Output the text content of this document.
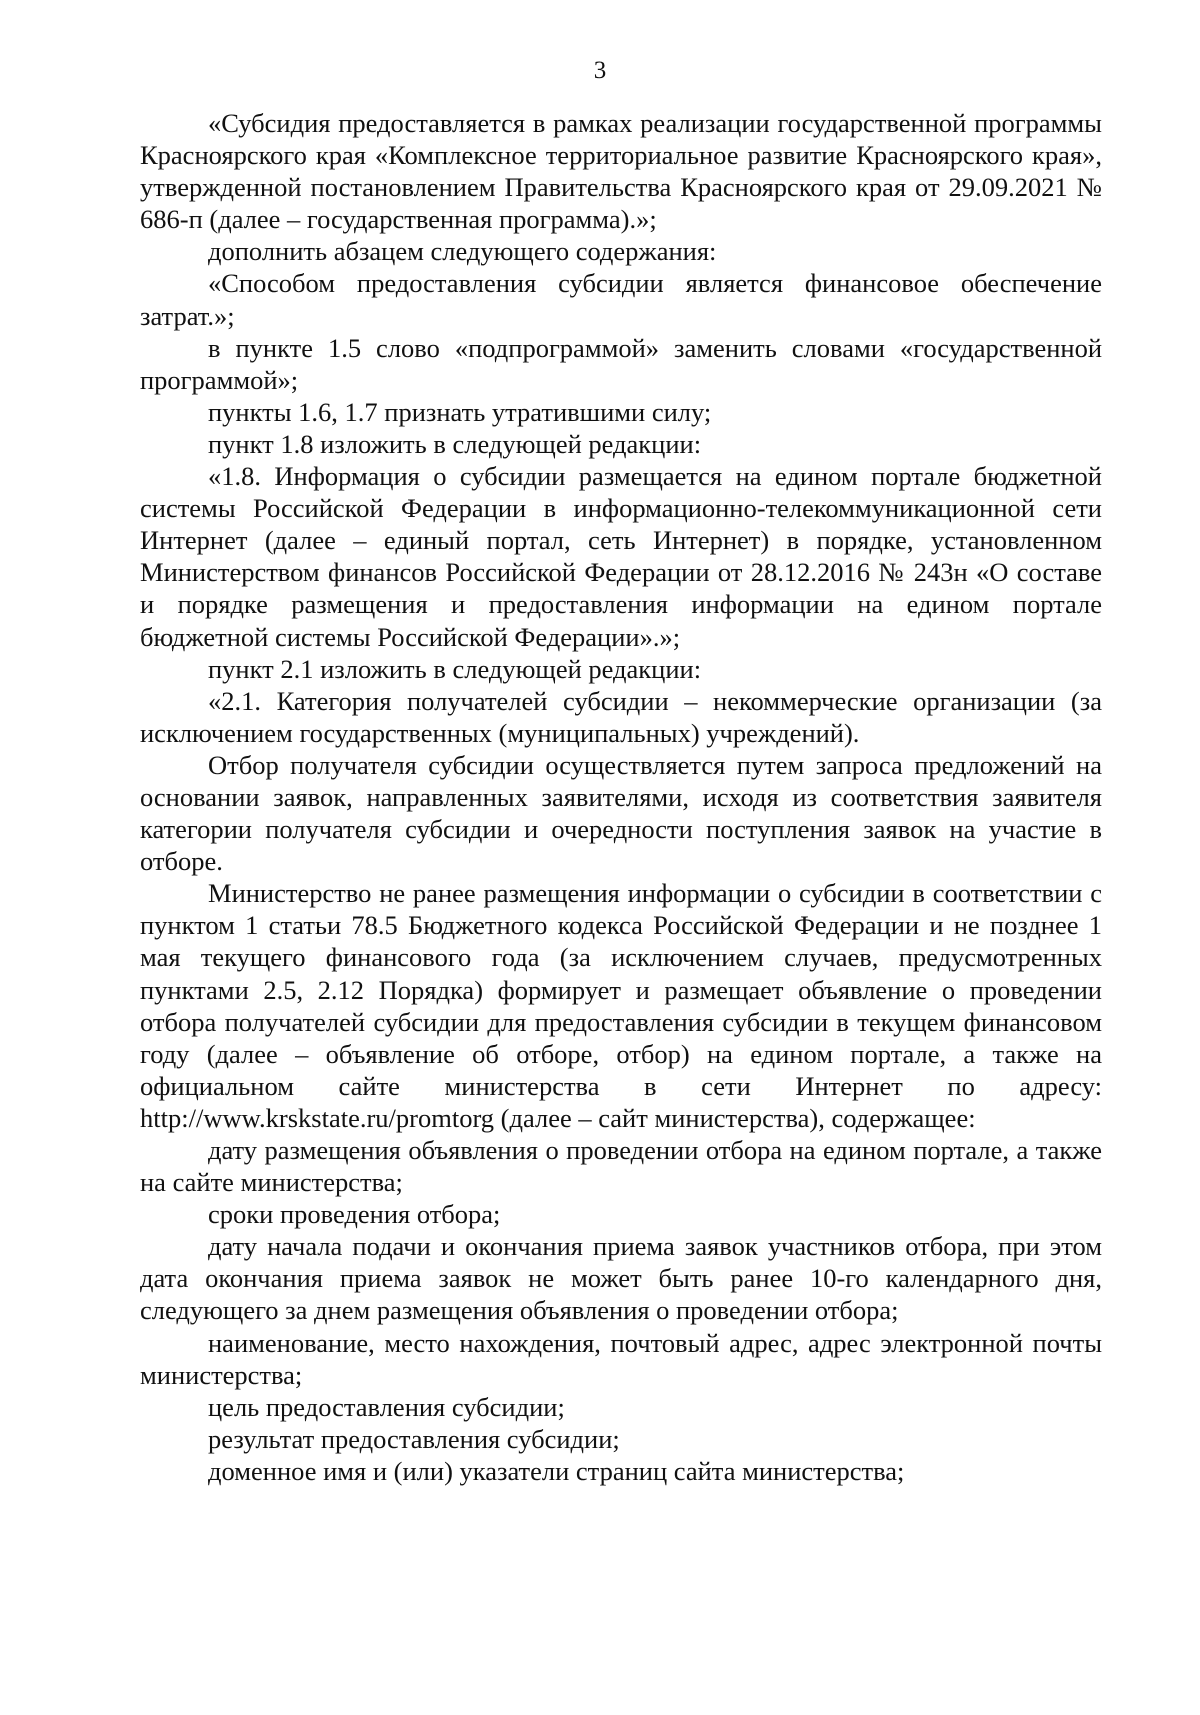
3

«Субсидия предоставляется в рамках реализации государственной программы Красноярского края «Комплексное территориальное развитие Красноярского края», утвержденной постановлением Правительства Красноярского края от 29.09.2021 № 686-п (далее – государственная программа).»;

дополнить абзацем следующего содержания:

«Способом предоставления субсидии является финансовое обеспечение затрат.»;

в пункте 1.5 слово «подпрограммой» заменить словами «государственной программой»;

пункты 1.6, 1.7 признать утратившими силу;

пункт 1.8 изложить в следующей редакции:

«1.8. Информация о субсидии размещается на едином портале бюджетной системы Российской Федерации в информационно-телекоммуникационной сети Интернет (далее – единый портал, сеть Интернет) в порядке, установленном Министерством финансов Российской Федерации от 28.12.2016 № 243н «О составе и порядке размещения и предоставления информации на едином портале бюджетной системы Российской Федерации».»;

пункт 2.1 изложить в следующей редакции:

«2.1. Категория получателей субсидии – некоммерческие организации (за исключением государственных (муниципальных) учреждений).

Отбор получателя субсидии осуществляется путем запроса предложений на основании заявок, направленных заявителями, исходя из соответствия заявителя категории получателя субсидии и очередности поступления заявок на участие в отборе.

Министерство не ранее размещения информации о субсидии в соответствии с пунктом 1 статьи 78.5 Бюджетного кодекса Российской Федерации и не позднее 1 мая текущего финансового года (за исключением случаев, предусмотренных пунктами 2.5, 2.12 Порядка) формирует и размещает объявление о проведении отбора получателей субсидии для предоставления субсидии в текущем финансовом году (далее – объявление об отборе, отбор) на едином портале, а также на официальном сайте министерства в сети Интернет по адресу: http://www.krskstate.ru/promtorg (далее – сайт министерства), содержащее:

дату размещения объявления о проведении отбора на едином портале, а также на сайте министерства;

сроки проведения отбора;

дату начала подачи и окончания приема заявок участников отбора, при этом дата окончания приема заявок не может быть ранее 10-го календарного дня, следующего за днем размещения объявления о проведении отбора;

наименование, место нахождения, почтовый адрес, адрес электронной почты министерства;

цель предоставления субсидии;

результат предоставления субсидии;

доменное имя и (или) указатели страниц сайта министерства;
